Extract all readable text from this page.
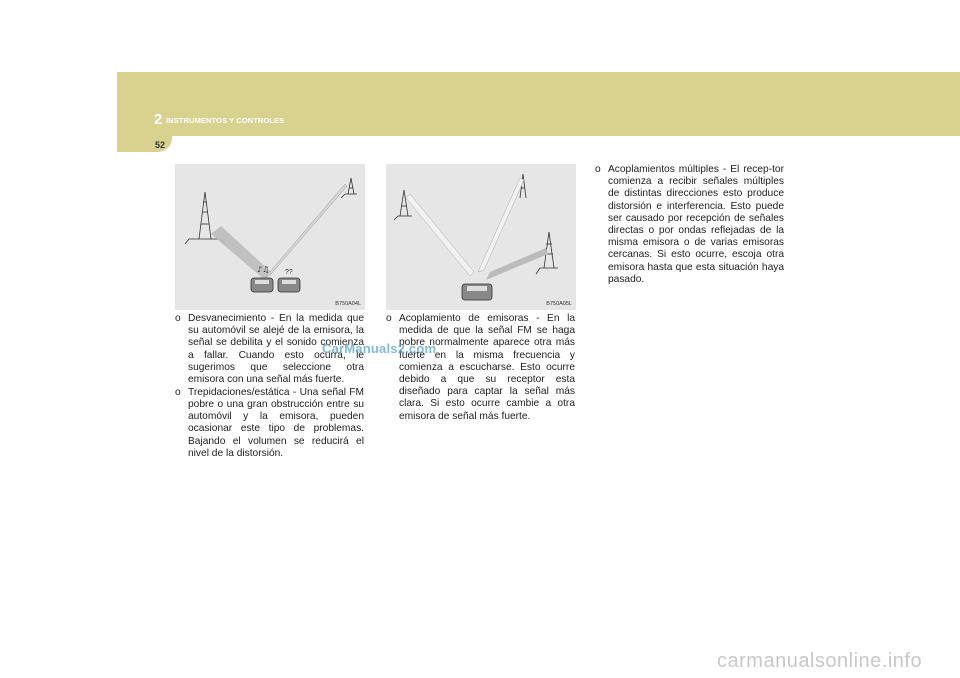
2 INSTRUMENTOS Y CONTROLES
52
♪♫ ??
B750A04L	B750A05L
o Desvanecimiento - En la medida que su automóvil se alejé de la emisora, la señal se debilita y el sonido comienza a fallar. Cuando esto ocurra, le sugerimos que seleccione otra emisora con una señal más fuerte.
o Trepidaciones/estática - Una señal FM pobre o una gran obstrucción entre su automóvil y la emisora, pueden ocasionar este tipo de problemas. Bajando el volumen se reducirá el nivel de la distorsión.
o Acoplamiento de emisoras - En la medida de que la señal FM se haga pobre normalmente aparece otra más fuerte en la misma frecuencia y comienza a escucharse. Esto ocurre debido a que su receptor esta diseñado para captar la señal más clara. Si esto ocurre cambie a otra emisora de señal más fuerte.
o Acoplamientos múltiples - El recep-tor comienza a recibir señales múltiples de distintas direcciones esto produce distorsión e interferencia. Esto puede ser causado por recepción de señales directas o por ondas reflejadas de la misma emisora o de varias emisoras cercanas. Si esto ocurre, escoja otra emisora hasta que esta situación haya pasado.
CarManuals2.com
carmanualsonline.info
